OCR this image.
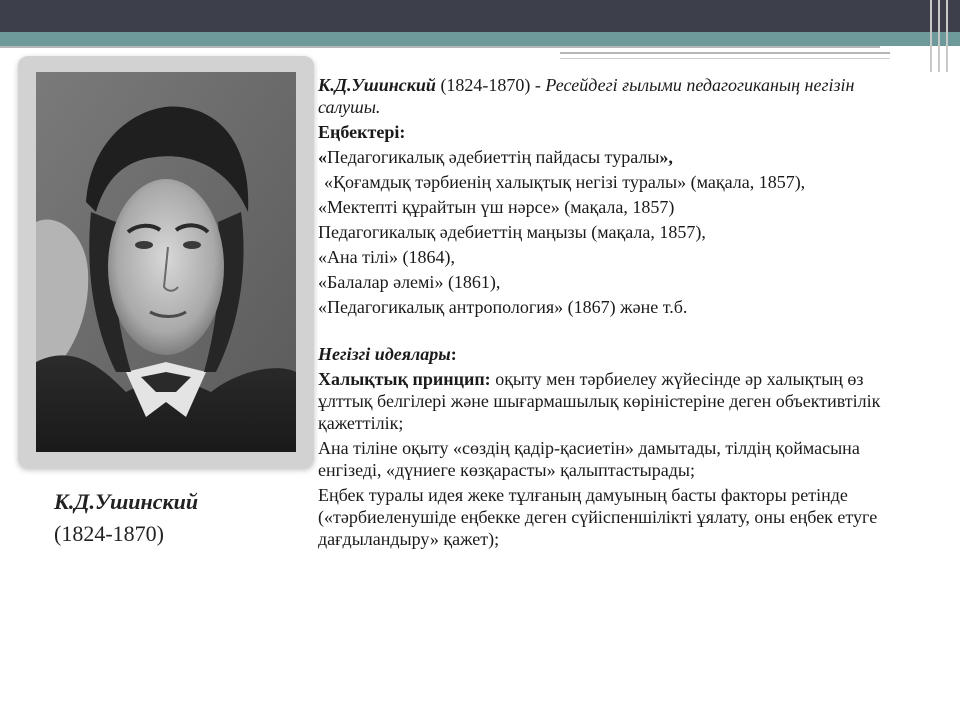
К.Д.Ушинский
(1824-1870)

К.Д.Ушинский (1824-1870) - Ресейдегі ғылыми педагогиканың негізін салушы.

Еңбектері:

«Педагогикалық әдебиеттің пайдасы туралы»,

«Қоғамдық тәрбиенің халықтық негізі туралы» (мақала, 1857),

«Мектепті құрайтын үш нәрсе» (мақала, 1857)

Педагогикалық әдебиеттің маңызы (мақала, 1857),

«Ана тілі» (1864),

«Балалар әлемі» (1861),

«Педагогикалық антропология» (1867) және т.б.

Негізгі идеялары:

Халықтық принцип: оқыту мен тәрбиелеу жүйесінде әр халықтың өз ұлттық белгілері және шығармашылық көріністеріне деген объективтілік қажеттілік;

Ана тіліне оқыту «сөздің қадір-қасиетін» дамытады, тілдің қоймасына енгізеді, «дүниеге көзқарасты» қалыптастырады;

Еңбек туралы идея жеке тұлғаның дамуының басты факторы ретінде («тәрбиеленушіде еңбекке деген сүйіспеншілікті ұялату, оны еңбек етуге дағдыландыру» қажет);
